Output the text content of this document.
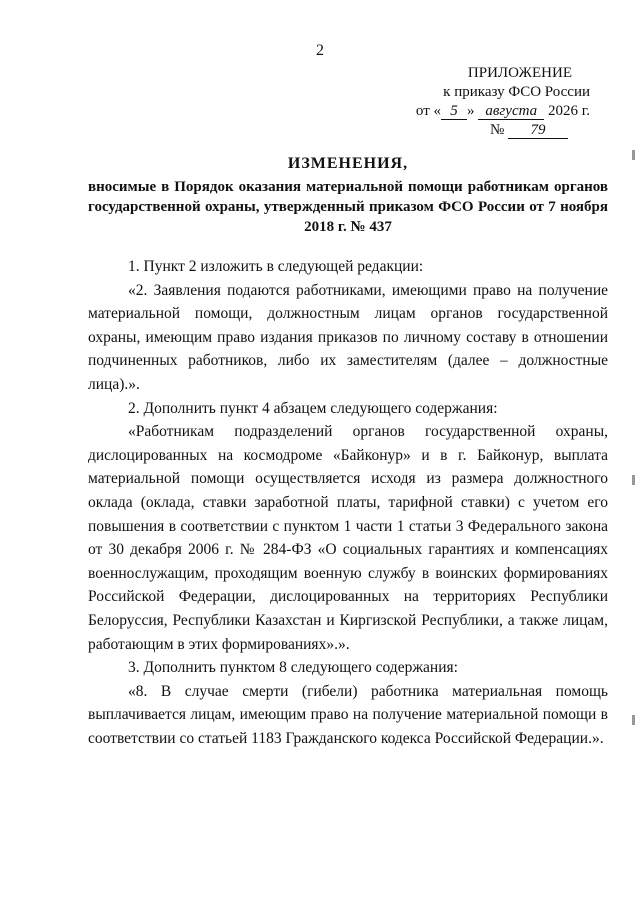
2
ПРИЛОЖЕНИЕ
к приказу ФСО России
от « 5 » августа 2026 г.
№ 79
ИЗМЕНЕНИЯ,
вносимые в Порядок оказания материальной помощи работникам органов государственной охраны, утвержденный приказом ФСО России от 7 ноября 2018 г. № 437

1. Пункт 2 изложить в следующей редакции:

«2. Заявления подаются работниками, имеющими право на получение материальной помощи, должностным лицам органов государственной охраны, имеющим право издания приказов по личному составу в отношении подчиненных работников, либо их заместителям (далее – должностные лица).».

2. Дополнить пункт 4 абзацем следующего содержания:

«Работникам подразделений органов государственной охраны, дислоцированных на космодроме «Байконур» и в г. Байконур, выплата материальной помощи осуществляется исходя из размера должностного оклада (оклада, ставки заработной платы, тарифной ставки) с учетом его повышения в соответствии с пунктом 1 части 1 статьи 3 Федерального закона от 30 декабря 2006 г. № 284-ФЗ «О социальных гарантиях и компенсациях военнослужащим, проходящим военную службу в воинских формированиях Российской Федерации, дислоцированных на территориях Республики Белоруссия, Республики Казахстан и Киргизской Республики, а также лицам, работающим в этих формированиях».».

3. Дополнить пунктом 8 следующего содержания:

«8. В случае смерти (гибели) работника материальная помощь выплачивается лицам, имеющим право на получение материальной помощи в соответствии со статьей 1183 Гражданского кодекса Российской Федерации.».
